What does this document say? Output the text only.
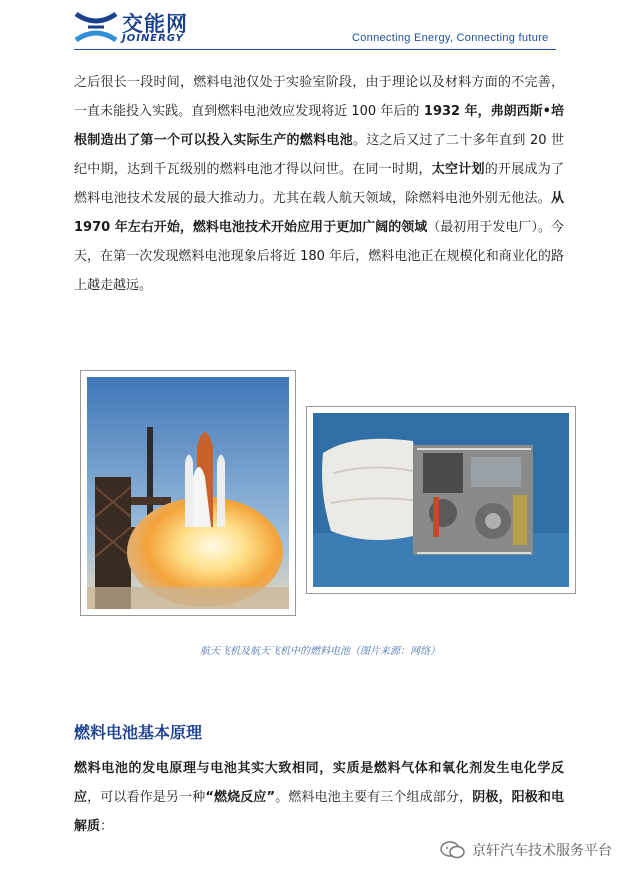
交能网
JOINERGY	Connecting Energy, Connecting future
之后很长一段时间，燃料电池仅处于实验室阶段，由于理论以及材料方面的不完善，一直未能投入实践。直到燃料电池效应发现将近 100 年后的 1932 年，弗朗西斯•培根制造出了第一个可以投入实际生产的燃料电池。这之后又过了二十多年直到 20 世纪中期，达到千瓦级别的燃料电池才得以问世。在同一时期，太空计划的开展成为了燃料电池技术发展的最大推动力。尤其在载人航天领域，除燃料电池外别无他法。从 1970 年左右开始，燃料电池技术开始应用于更加广阔的领域（最初用于发电厂）。今天，在第一次发现燃料电池现象后将近 180 年后，燃料电池正在规模化和商业化的路上越走越远。
航天飞机及航天飞机中的燃料电池（图片来源：网络）
燃料电池基本原理
燃料电池的发电原理与电池其实大致相同，实质是燃料气体和氧化剂发生电化学反应，可以看作是另一种“燃烧反应”。燃料电池主要有三个组成部分，阴极，阳极和电解质：
京轩汽车技术服务平台
